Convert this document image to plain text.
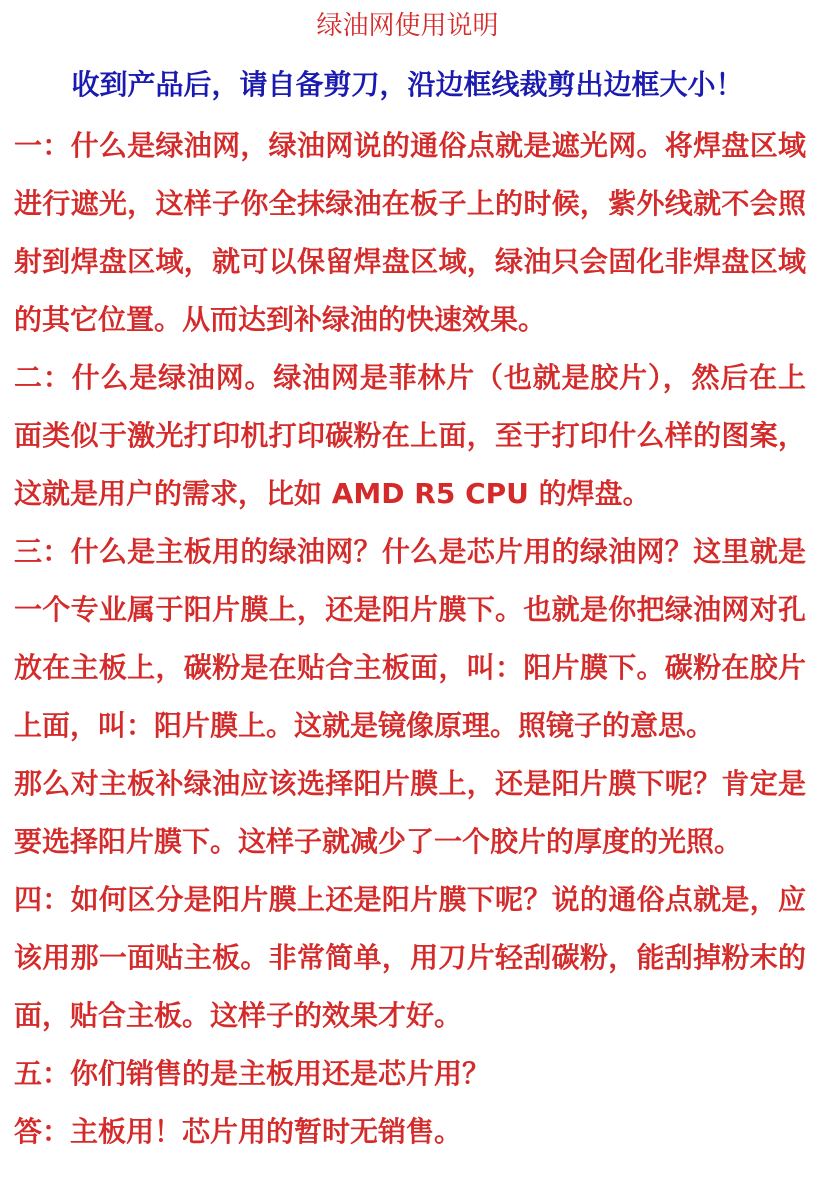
绿油网使用说明
收到产品后，请自备剪刀，沿边框线裁剪出边框大小！
一：什么是绿油网，绿油网说的通俗点就是遮光网。将焊盘区域
进行遮光，这样子你全抹绿油在板子上的时候，紫外线就不会照
射到焊盘区域，就可以保留焊盘区域，绿油只会固化非焊盘区域
的其它位置。从而达到补绿油的快速效果。
二：什么是绿油网。绿油网是菲林片（也就是胶片），然后在上
面类似于激光打印机打印碳粉在上面，至于打印什么样的图案，
这就是用户的需求，比如 AMD R5 CPU 的焊盘。
三：什么是主板用的绿油网？什么是芯片用的绿油网？这里就是
一个专业属于阳片膜上，还是阳片膜下。也就是你把绿油网对孔
放在主板上，碳粉是在贴合主板面，叫：阳片膜下。碳粉在胶片
上面，叫：阳片膜上。这就是镜像原理。照镜子的意思。
那么对主板补绿油应该选择阳片膜上，还是阳片膜下呢？肯定是
要选择阳片膜下。这样子就减少了一个胶片的厚度的光照。
四：如何区分是阳片膜上还是阳片膜下呢？说的通俗点就是，应
该用那一面贴主板。非常简单，用刀片轻刮碳粉，能刮掉粉末的
面，贴合主板。这样子的效果才好。
五：你们销售的是主板用还是芯片用？
答：主板用！芯片用的暂时无销售。
